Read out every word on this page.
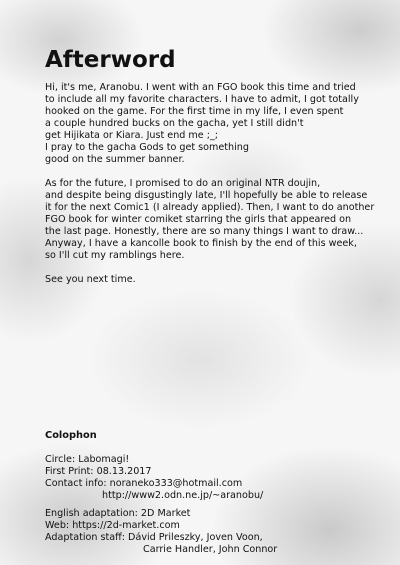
Afterword

Hi, it's me, Aranobu. I went with an FGO book this time and tried
to include all my favorite characters. I have to admit, I got totally
hooked on the game. For the first time in my life, I even spent
a couple hundred bucks on the gacha, yet I still didn't
get Hijikata or Kiara. Just end me ;_;
I pray to the gacha Gods to get something
good on the summer banner.

As for the future, I promised to do an original NTR doujin,
and despite being disgustingly late, I'll hopefully be able to release
it for the next Comic1 (I already applied). Then, I want to do another
FGO book for winter comiket starring the girls that appeared on
the last page. Honestly, there are so many things I want to draw...
Anyway, I have a kancolle book to finish by the end of this week,
so I'll cut my ramblings here.

See you next time.

Colophon
Circle: Labomagi!
First Print: 08.13.2017
Contact info: noraneko333@hotmail.com
http://www2.odn.ne.jp/~aranobu/
English adaptation: 2D Market
Web: https://2d-market.com
Adaptation staff: Dávid Prileszky, Joven Voon,
Carrie Handler, John Connor
